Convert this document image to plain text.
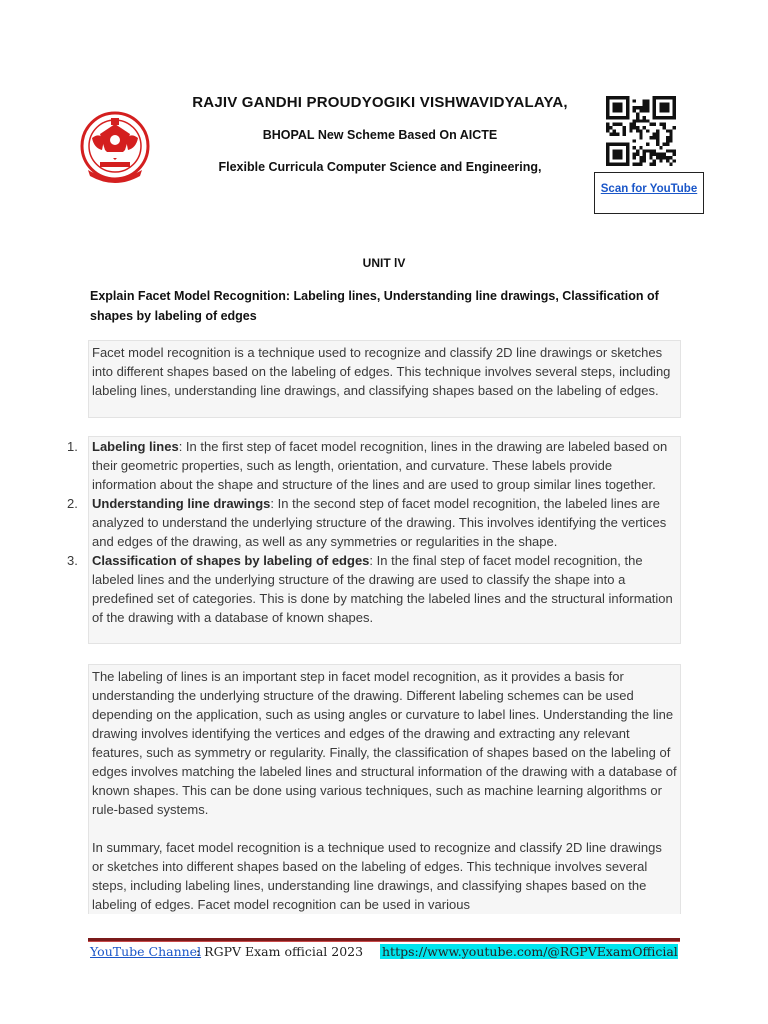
RAJIV GANDHI PROUDYOGIKI VISHWAVIDYALAYA,
BHOPAL New Scheme Based On AICTE
Flexible Curricula Computer Science and Engineering,
Scan for YouTube
UNIT lV
Explain Facet Model Recognition: Labeling lines, Understanding line drawings, Classification of shapes by labeling of edges
Facet model recognition is a technique used to recognize and classify 2D line drawings or sketches into different shapes based on the labeling of edges. This technique involves several steps, including labeling lines, understanding line drawings, and classifying shapes based on the labeling of edges.
1. Labeling lines: In the first step of facet model recognition, lines in the drawing are labeled based on their geometric properties, such as length, orientation, and curvature. These labels provide information about the shape and structure of the lines and are used to group similar lines together.
2. Understanding line drawings: In the second step of facet model recognition, the labeled lines are analyzed to understand the underlying structure of the drawing. This involves identifying the vertices and edges of the drawing, as well as any symmetries or regularities in the shape.
3. Classification of shapes by labeling of edges: In the final step of facet model recognition, the labeled lines and the underlying structure of the drawing are used to classify the shape into a predefined set of categories. This is done by matching the labeled lines and the structural information of the drawing with a database of known shapes.
The labeling of lines is an important step in facet model recognition, as it provides a basis for understanding the underlying structure of the drawing. Different labeling schemes can be used depending on the application, such as using angles or curvature to label lines. Understanding the line drawing involves identifying the vertices and edges of the drawing and extracting any relevant features, such as symmetry or regularity. Finally, the classification of shapes based on the labeling of edges involves matching the labeled lines and structural information of the drawing with a database of known shapes. This can be done using various techniques, such as machine learning algorithms or rule-based systems.
In summary, facet model recognition is a technique used to recognize and classify 2D line drawings or sketches into different shapes based on the labeling of edges. This technique involves several steps, including labeling lines, understanding line drawings, and classifying shapes based on the labeling of edges. Facet model recognition can be used in various
YouTube Channel
: RGPV Exam official 2023 https://www.youtube.com/@RGPVExamOfficial
